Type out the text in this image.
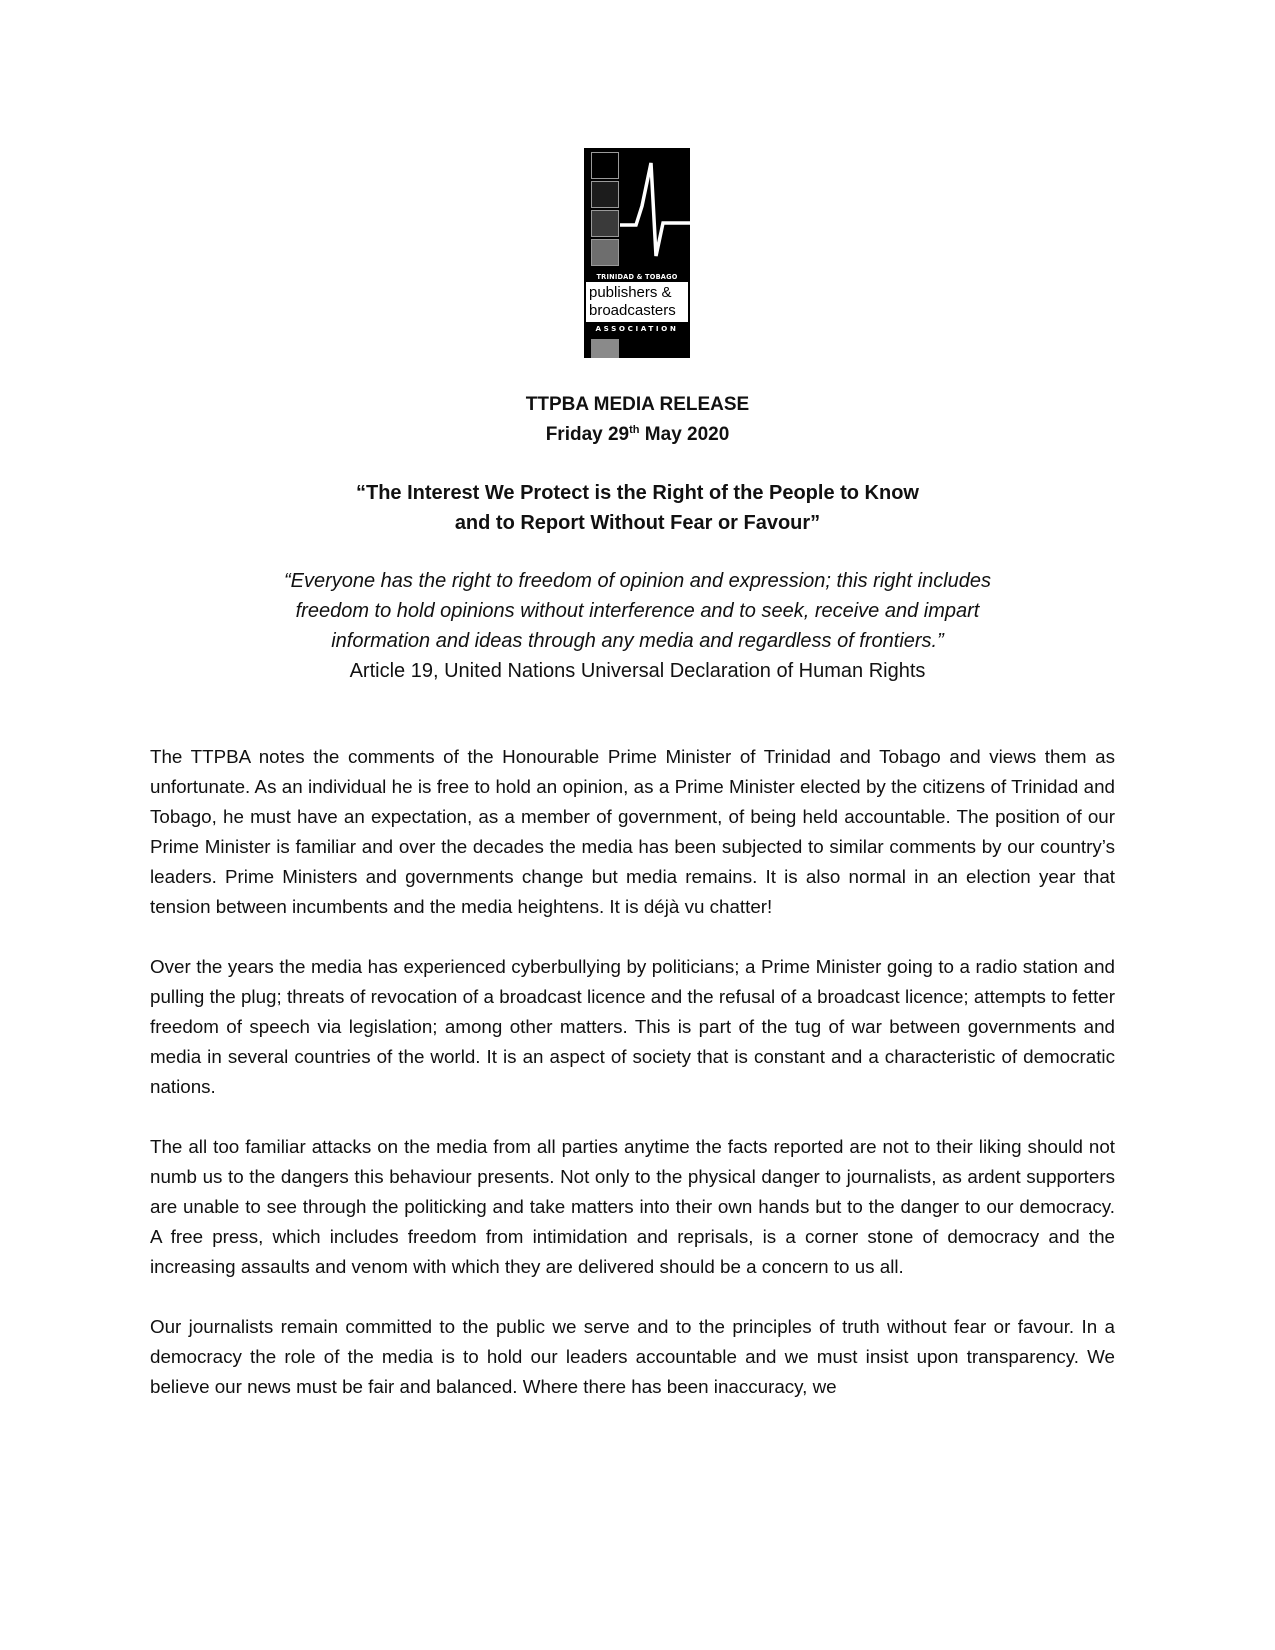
TRINIDAD & TOBAGO
publishers &
broadcasters
ASSOCIATION
TTPBA MEDIA RELEASE
Friday 29th May 2020
“The Interest We Protect is the Right of the People to Know
and to Report Without Fear or Favour”
“Everyone has the right to freedom of opinion and expression; this right includes
freedom to hold opinions without interference and to seek, receive and impart
information and ideas through any media and regardless of frontiers.”
Article 19, United Nations Universal Declaration of Human Rights

The TTPBA notes the comments of the Honourable Prime Minister of Trinidad and Tobago and views them as unfortunate. As an individual he is free to hold an opinion, as a Prime Minister elected by the citizens of Trinidad and Tobago, he must have an expectation, as a member of government, of being held accountable. The position of our Prime Minister is familiar and over the decades the media has been subjected to similar comments by our country’s leaders. Prime Ministers and governments change but media remains. It is also normal in an election year that tension between incumbents and the media heightens. It is déjà vu chatter!

Over the years the media has experienced cyberbullying by politicians; a Prime Minister going to a radio station and pulling the plug; threats of revocation of a broadcast licence and the refusal of a broadcast licence; attempts to fetter freedom of speech via legislation; among other matters. This is part of the tug of war between governments and media in several countries of the world. It is an aspect of society that is constant and a characteristic of democratic nations.

The all too familiar attacks on the media from all parties anytime the facts reported are not to their liking should not numb us to the dangers this behaviour presents. Not only to the physical danger to journalists, as ardent supporters are unable to see through the politicking and take matters into their own hands but to the danger to our democracy. A free press, which includes freedom from intimidation and reprisals, is a corner stone of democracy and the increasing assaults and venom with which they are delivered should be a concern to us all.

Our journalists remain committed to the public we serve and to the principles of truth without fear or favour. In a democracy the role of the media is to hold our leaders accountable and we must insist upon transparency. We believe our news must be fair and balanced. Where there has been inaccuracy, we
